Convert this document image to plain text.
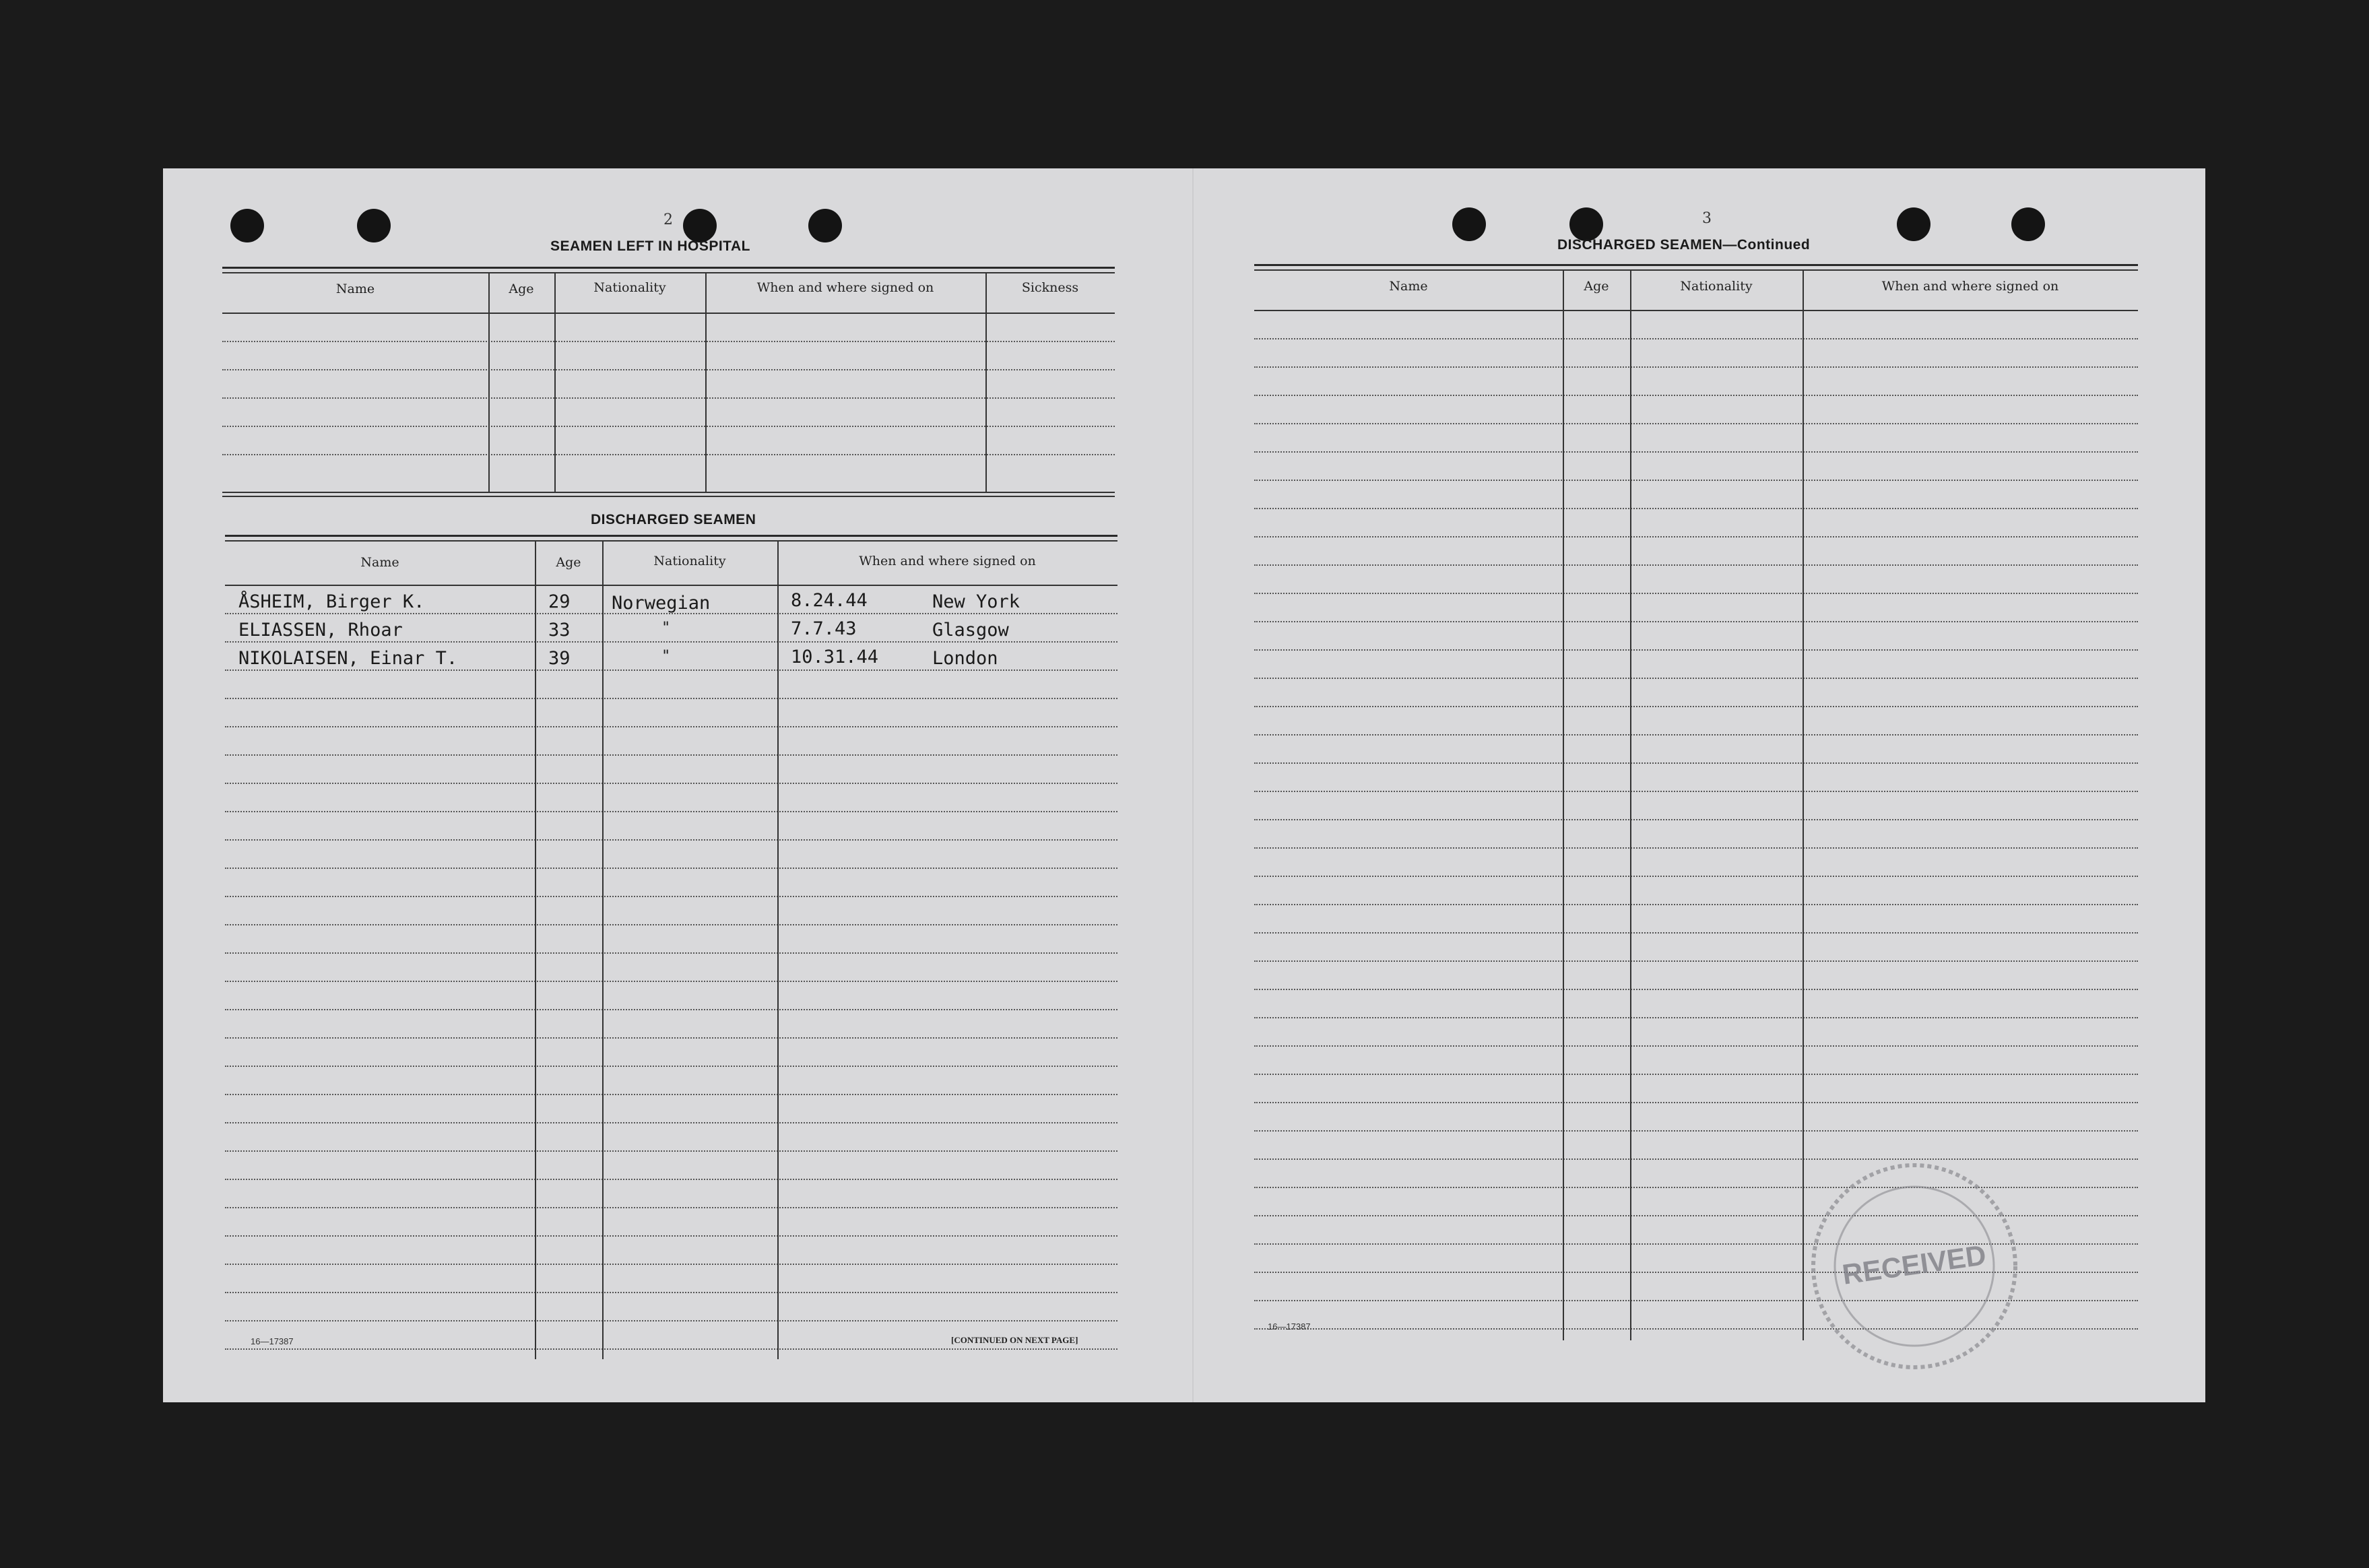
2
SEAMEN LEFT IN HOSPITAL
Name	Age	Nationality	When and where signed on	Sickness
DISCHARGED SEAMEN
Name	Age	Nationality	When and where signed on
ÅSHEIM, Birger K.	29 Norwegian	8.24.44	New York
ELIASSEN, Rhoar	33	"	7.7.43	Glasgow
NIKOLAISEN, Einar T.	39	"	10.31.44	London
16—17387	[CONTINUED ON NEXT PAGE]
3
DISCHARGED SEAMEN—Continued
Name	Age	Nationality	When and where signed on
16—17387
RECEIVED
